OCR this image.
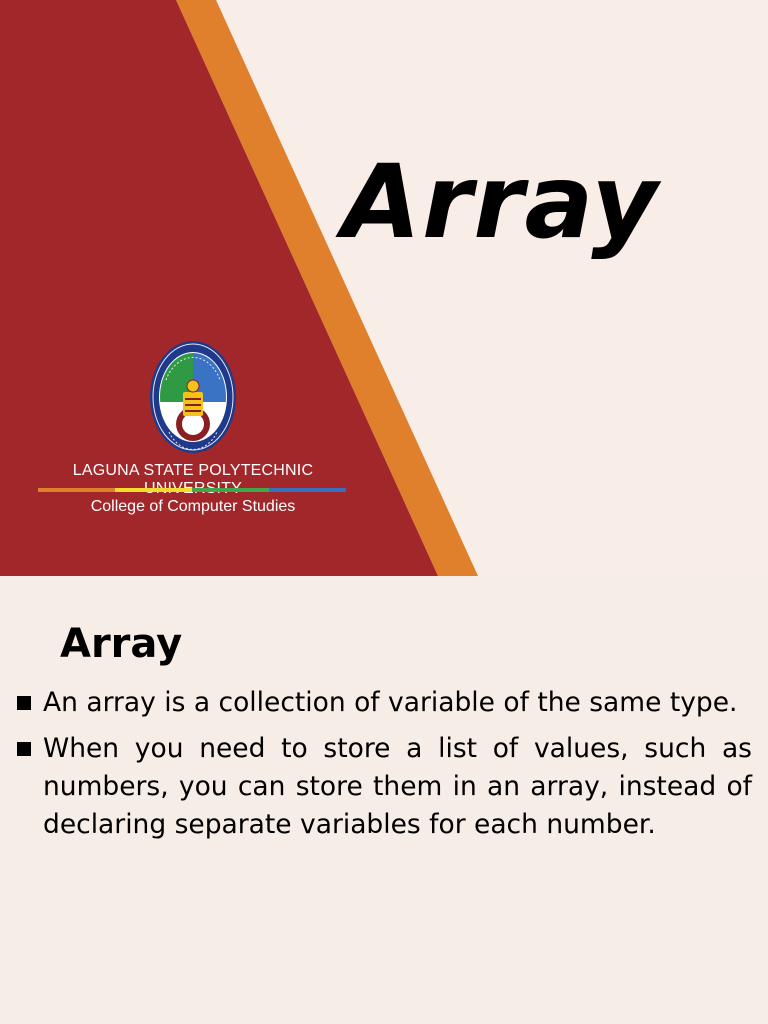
Array
LAGUNA STATE POLYTECHNIC
College of Computer Studies
Array
An array is a collection of variable of the same type.
When you need to store a list of values, such as numbers, you can store them in an array, instead of declaring separate variables for each number.
